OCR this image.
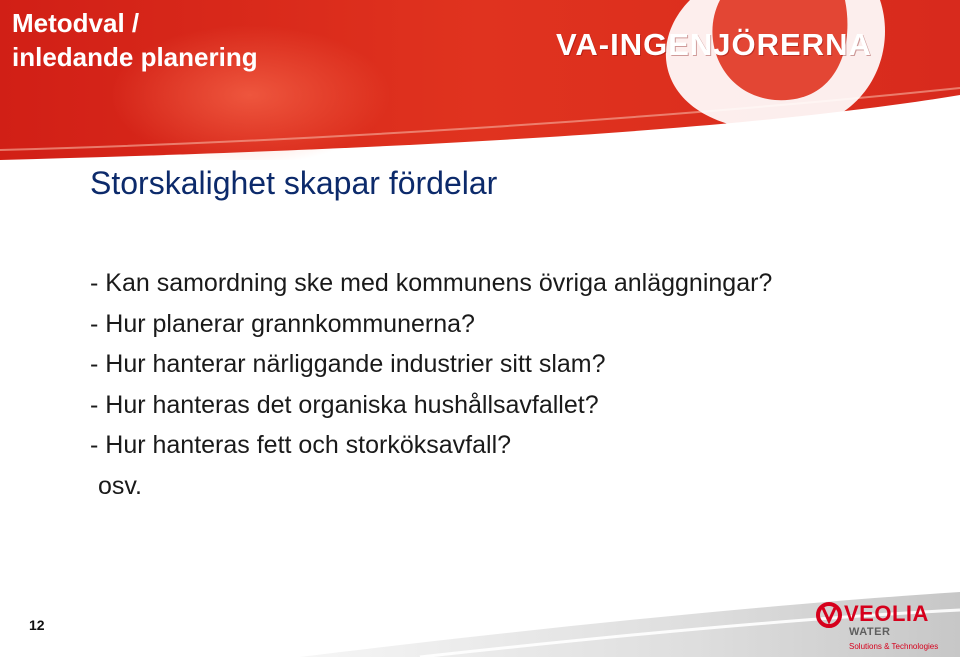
Metodval /
inledande planering	VA-INGENJÖRERNA
Storskalighet skapar fördelar
- Kan samordning ske med kommunens övriga anläggningar?
- Hur planerar grannkommunerna?
- Hur hanterar närliggande industrier sitt slam?
- Hur hanteras det organiska hushållsavfallet?
- Hur hanteras fett och storköksavfall?
osv.
12	VEOLIA
WATER
Solutions & Technologies
